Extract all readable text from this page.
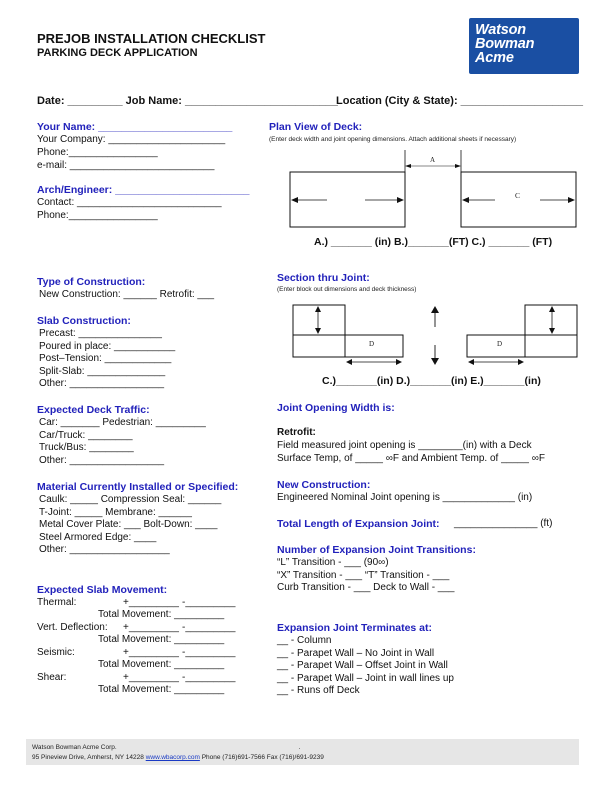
PREJOB INSTALLATION CHECKLIST
PARKING DECK APPLICATION
Watson
Bowman
Acme
Date: _________ Job Name: _________________________
Location (City & State): ____________________
Your Name: _______________________
Your Company: _____________________
Phone:________________
e-mail: __________________________
Arch/Engineer: _______________________
Contact: __________________________
Phone:________________
Type of Construction:
New Construction: ______ Retrofit: ___
Slab Construction:
Precast: _______________
Poured in place: ___________
Post–Tension: ____________
Split-Slab: ______________
Other: _________________
Expected Deck Traffic:
Car: _______ Pedestrian: _________
Car/Truck: ________
Truck/Bus: ________
Other: _________________
Material Currently Installed or Specified:
Caulk: _____ Compression Seal: ______
T-Joint: _____ Membrane: ______
Metal Cover Plate: ___ Bolt-Down: ____
Steel Armored Edge: ____
Other: __________________
Expected Slab Movement:
Thermal:	+_________ -_________
Total Movement: _________
Vert. Deflection: +_________ -_________
Total Movement: _________
Seismic:	+_________ -_________
Total Movement: _________
Shear:	+_________ -_________
Total Movement: _________
Plan View of Deck:
(Enter deck width and joint opening dimensions. Attach additional sheets if necessary)
A
C
A.) _______ (in) B.)_______(FT) C.) _______ (FT)
Section thru Joint:
(Enter block out dimensions and deck thickness)
D	D
C.)_______(in) D.)_______(in) E.)_______(in)
Joint Opening Width is:
Retrofit:
Field measured joint opening is ________(in) with a Deck
Surface Temp, of _____ ∞F and Ambient Temp. of _____ ∞F
New Construction:
Engineered Nominal Joint opening is _____________ (in)
Total Length of Expansion Joint: _______________ (ft)
Number of Expansion Joint Transitions:
“L” Transition - ___ (90∞)
“X” Transition - ___ “T” Transition - ___
Curb Transition - ___ Deck to Wall - ___
Expansion Joint Terminates at:
__ - Column
__ - Parapet Wall – No Joint in Wall
__ - Parapet Wall – Offset Joint in Wall
__ - Parapet Wall – Joint in wall lines up
__ - Runs off Deck
Watson Bowman Acme Corp.	.
95 Pineview Drive, Amherst, NY 14228 www.wbacorp.com Phone (716)691-7566 Fax (716)/691-9239
